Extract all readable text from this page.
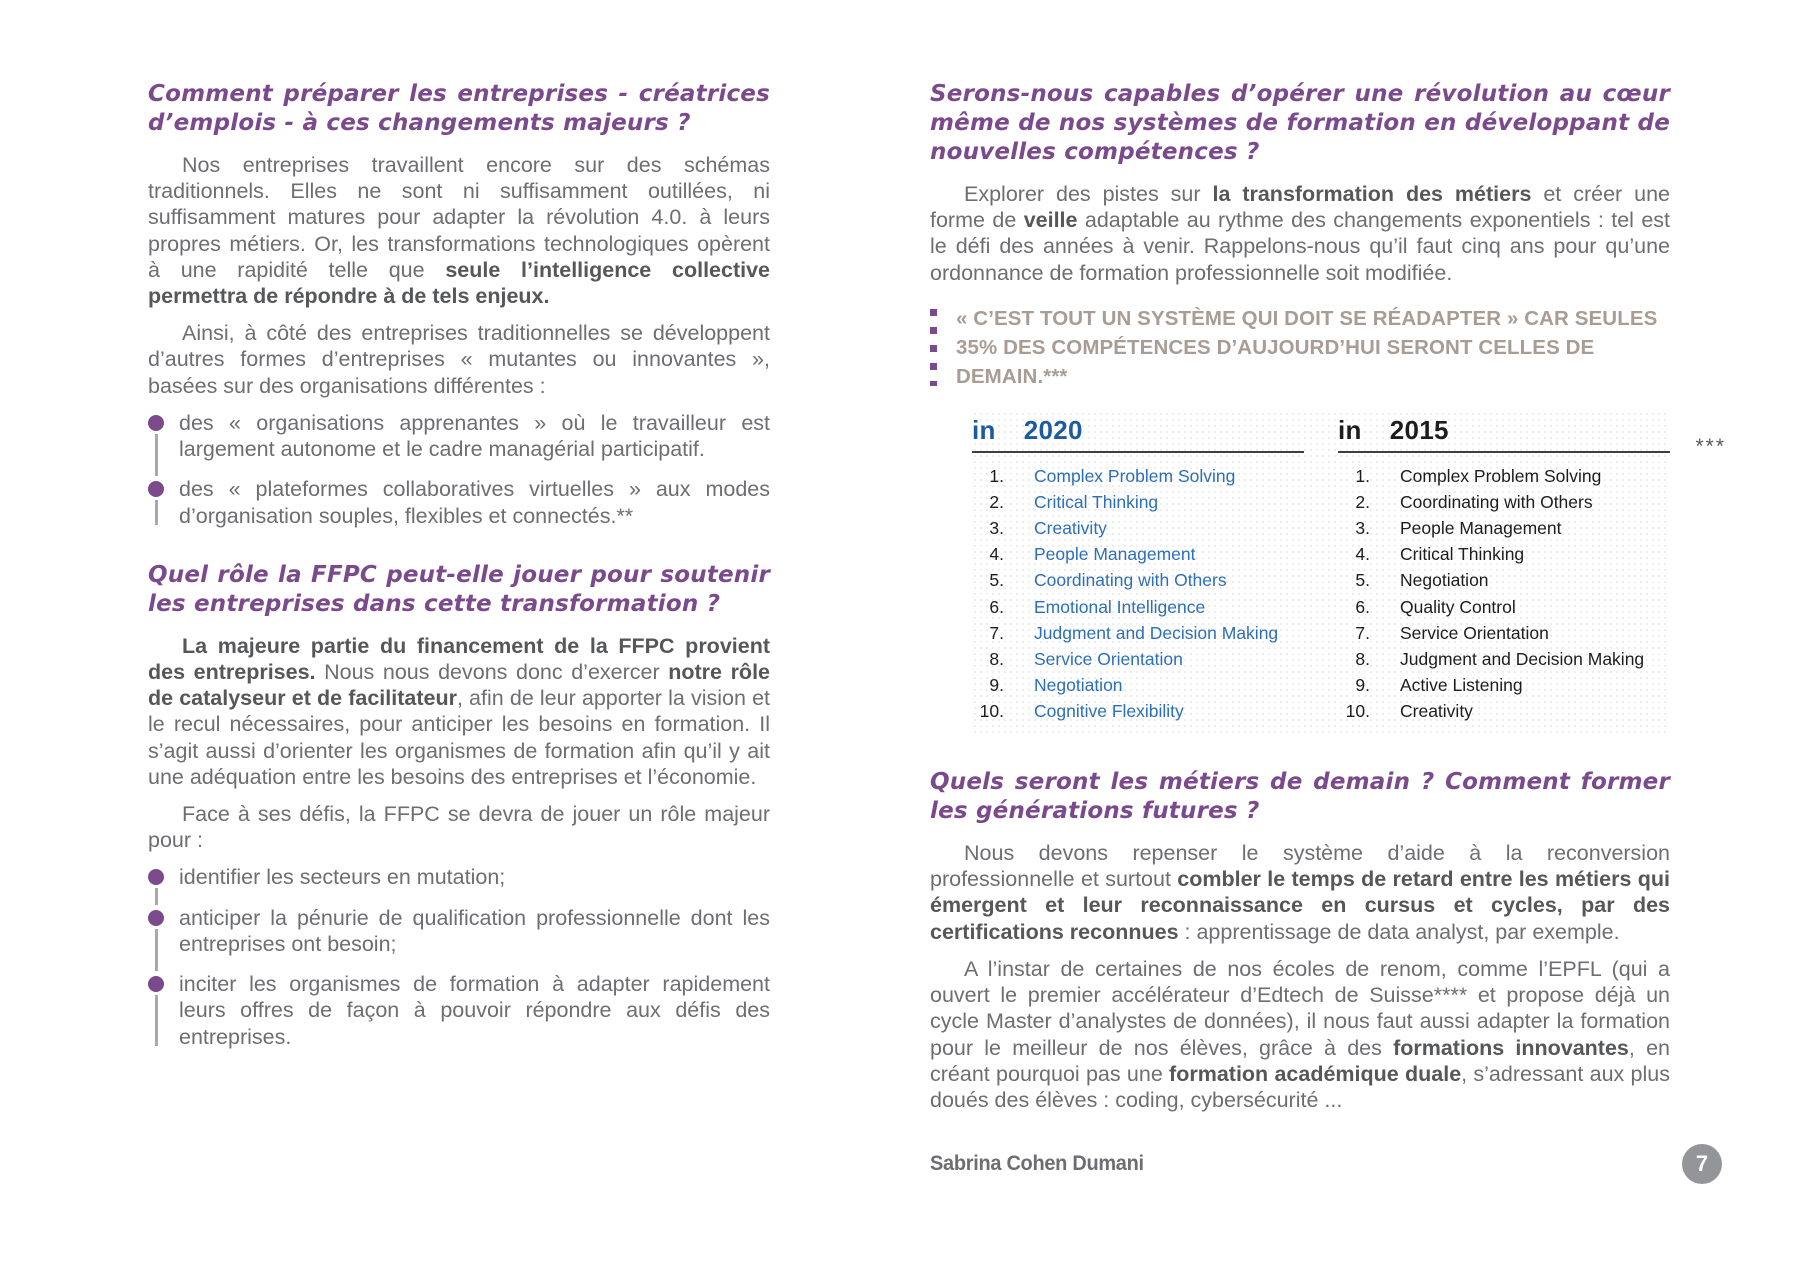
Comment préparer les entreprises - créatrices d’emplois - à ces changements majeurs ?

Nos entreprises travaillent encore sur des schémas traditionnels. Elles ne sont ni suffisamment outillées, ni suffisamment matures pour adapter la révolution 4.0. à leurs propres métiers. Or, les transformations technologiques opèrent à une rapidité telle que seule l’intelligence collective permettra de répondre à de tels enjeux.

Ainsi, à côté des entreprises traditionnelles se développent d’autres formes d’entreprises « mutantes ou innovantes », basées sur des organisations différentes :

des « organisations apprenantes » où le travailleur est largement autonome et le cadre managérial participatif.
des « plateformes collaboratives virtuelles » aux modes d’organisation souples, flexibles et connectés.**
Quel rôle la FFPC peut-elle jouer pour soutenir les entreprises dans cette transformation ?

La majeure partie du financement de la FFPC provient des entreprises. Nous nous devons donc d’exercer notre rôle de catalyseur et de facilitateur, afin de leur apporter la vision et le recul nécessaires, pour anticiper les besoins en formation. Il s’agit aussi d’orienter les organismes de formation afin qu’il y ait une adéquation entre les besoins des entreprises et l’économie.

Face à ses défis, la FFPC se devra de jouer un rôle majeur pour :

identifier les secteurs en mutation;
anticiper la pénurie de qualification professionnelle dont les entreprises ont besoin;
inciter les organismes de formation à adapter rapidement leurs offres de façon à pouvoir répondre aux défis des entreprises.
Serons-nous capables d’opérer une révolution au cœur même de nos systèmes de formation en développant de nouvelles compétences ?

Explorer des pistes sur la transformation des métiers et créer une forme de veille adaptable au rythme des changements exponentiels : tel est le défi des années à venir. Rappelons-nous qu’il faut cinq ans pour qu’une ordonnance de formation professionnelle soit modifiée.

« C’EST TOUT UN SYSTÈME QUI DOIT SE RÉADAPTER » CAR SEULES 35% DES COMPÉTENCES D’AUJOURD’HUI SERONT CELLES DE DEMAIN.***

in 2020
Complex Problem Solving
Critical Thinking
Creativity
People Management
Coordinating with Others
Emotional Intelligence
Judgment and Decision Making
Service Orientation
Negotiation
Cognitive Flexibility
in 2015
Complex Problem Solving
Coordinating with Others
People Management
Critical Thinking
Negotiation
Quality Control
Service Orientation
Judgment and Decision Making
Active Listening
Creativity
***
Quels seront les métiers de demain ? Comment former les générations futures ?

Nous devons repenser le système d’aide à la reconversion professionnelle et surtout combler le temps de retard entre les métiers qui émergent et leur reconnaissance en cursus et cycles, par des certifications reconnues : apprentissage de data analyst, par exemple.

A l’instar de certaines de nos écoles de renom, comme l’EPFL (qui a ouvert le premier accélérateur d’Edtech de Suisse**** et propose déjà un cycle Master d’analystes de données), il nous faut aussi adapter la formation pour le meilleur de nos élèves, grâce à des formations innovantes, en créant pourquoi pas une formation académique duale, s’adressant aux plus doués des élèves : coding, cybersécurité ...

Sabrina Cohen Dumani	7
